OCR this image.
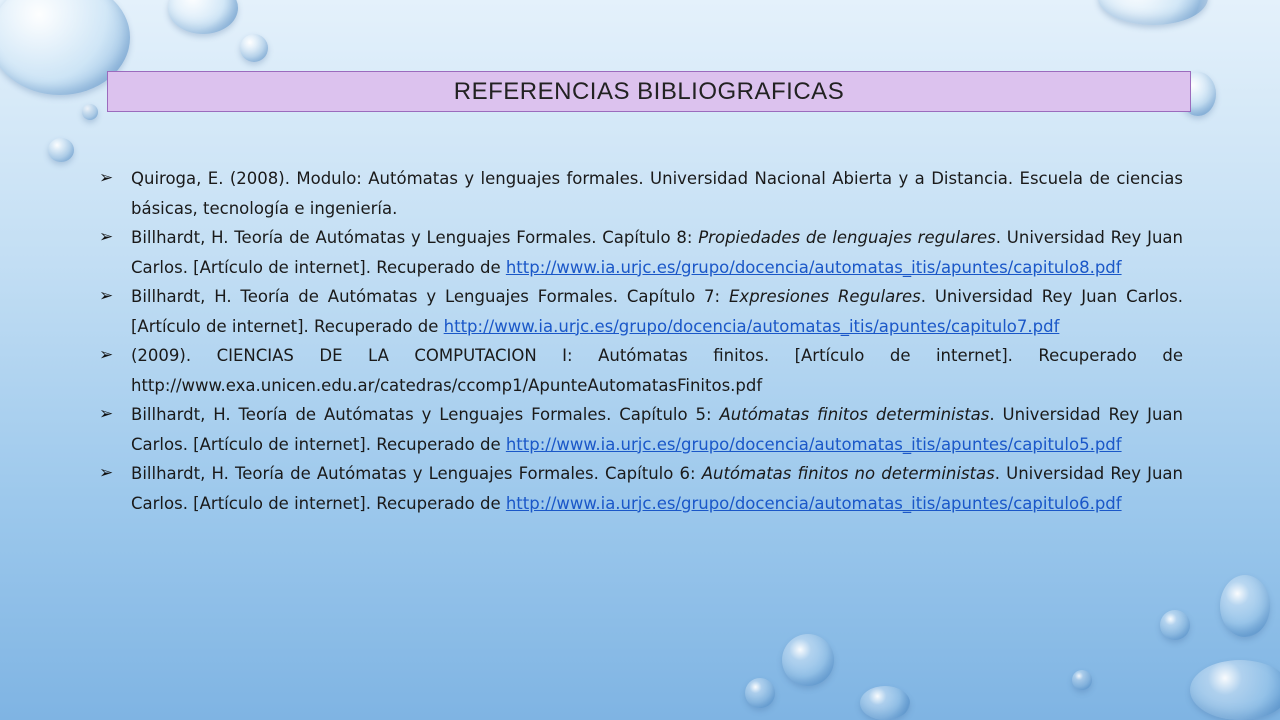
REFERENCIAS BIBLIOGRAFICAS
➢	Quiroga, E. (2008). Modulo: Autómatas y lenguajes formales. Universidad Nacional Abierta y a Distancia. Escuela de ciencias básicas, tecnología e ingeniería.
➢	Billhardt, H. Teoría de Autómatas y Lenguajes Formales. Capítulo 8: Propiedades de lenguajes regulares. Universidad Rey Juan Carlos. [Artículo de internet]. Recuperado de http://www.ia.urjc.es/grupo/docencia/automatas_itis/apuntes/capitulo8.pdf
➢	Billhardt, H. Teoría de Autómatas y Lenguajes Formales. Capítulo 7: Expresiones Regulares. Universidad Rey Juan Carlos. [Artículo de internet]. Recuperado de http://www.ia.urjc.es/grupo/docencia/automatas_itis/apuntes/capitulo7.pdf
➢	(2009). CIENCIAS DE LA COMPUTACION I: Autómatas finitos. [Artículo de internet]. Recuperado de http://www.exa.unicen.edu.ar/catedras/ccomp1/ApunteAutomatasFinitos.pdf
➢	Billhardt, H. Teoría de Autómatas y Lenguajes Formales. Capítulo 5: Autómatas finitos deterministas. Universidad Rey Juan Carlos. [Artículo de internet]. Recuperado de http://www.ia.urjc.es/grupo/docencia/automatas_itis/apuntes/capitulo5.pdf
➢	Billhardt, H. Teoría de Autómatas y Lenguajes Formales. Capítulo 6: Autómatas finitos no deterministas. Universidad Rey Juan Carlos. [Artículo de internet]. Recuperado de http://www.ia.urjc.es/grupo/docencia/automatas_itis/apuntes/capitulo6.pdf
